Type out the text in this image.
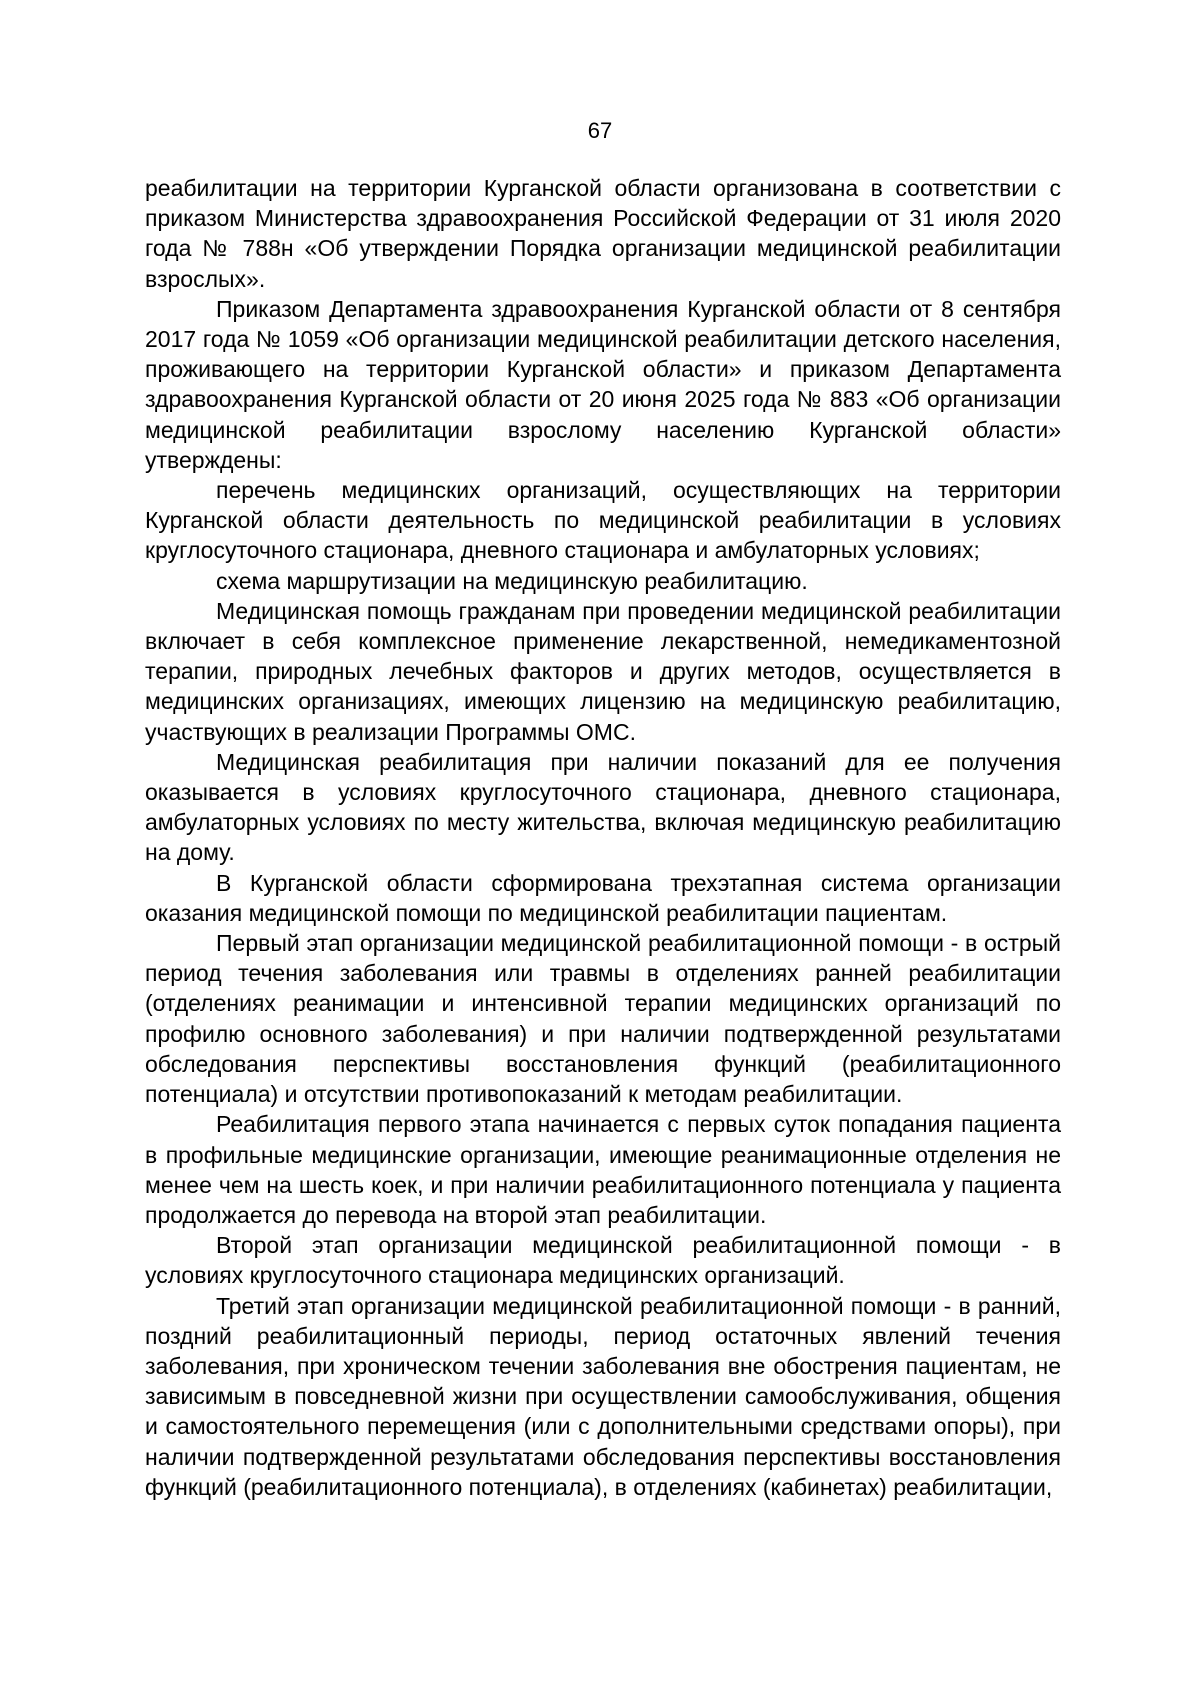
67

реабилитации на территории Курганской области организована в соответствии с приказом Министерства здравоохранения Российской Федерации от 31 июля 2020 года № 788н «Об утверждении Порядка организации медицинской реабилитации взрослых».

Приказом Департамента здравоохранения Курганской области от 8 сентября 2017 года № 1059 «Об организации медицинской реабилитации детского населения, проживающего на территории Курганской области» и приказом Департамента здравоохранения Курганской области от 20 июня 2025 года № 883 «Об организации медицинской реабилитации взрослому населению Курганской области» утверждены:

перечень медицинских организаций, осуществляющих на территории Курганской области деятельность по медицинской реабилитации в условиях круглосуточного стационара, дневного стационара и амбулаторных условиях;

схема маршрутизации на медицинскую реабилитацию.

Медицинская помощь гражданам при проведении медицинской реабилитации включает в себя комплексное применение лекарственной, немедикаментозной терапии, природных лечебных факторов и других методов, осуществляется в медицинских организациях, имеющих лицензию на медицинскую реабилитацию, участвующих в реализации Программы ОМС.

Медицинская реабилитация при наличии показаний для ее получения оказывается в условиях круглосуточного стационара, дневного стационара, амбулаторных условиях по месту жительства, включая медицинскую реабилитацию на дому.

В Курганской области сформирована трехэтапная система организации оказания медицинской помощи по медицинской реабилитации пациентам.

Первый этап организации медицинской реабилитационной помощи - в острый период течения заболевания или травмы в отделениях ранней реабилитации (отделениях реанимации и интенсивной терапии медицинских организаций по профилю основного заболевания) и при наличии подтвержденной результатами обследования перспективы восстановления функций (реабилитационного потенциала) и отсутствии противопоказаний к методам реабилитации.

Реабилитация первого этапа начинается с первых суток попадания пациента в профильные медицинские организации, имеющие реанимационные отделения не менее чем на шесть коек, и при наличии реабилитационного потенциала у пациента продолжается до перевода на второй этап реабилитации.

Второй этап организации медицинской реабилитационной помощи - в условиях круглосуточного стационара медицинских организаций.

Третий этап организации медицинской реабилитационной помощи - в ранний, поздний реабилитационный периоды, период остаточных явлений течения заболевания, при хроническом течении заболевания вне обострения пациентам, не зависимым в повседневной жизни при осуществлении самообслуживания, общения и самостоятельного перемещения (или с дополнительными средствами опоры), при наличии подтвержденной результатами обследования перспективы восстановления функций (реабилитационного потенциала), в отделениях (кабинетах) реабилитации,
